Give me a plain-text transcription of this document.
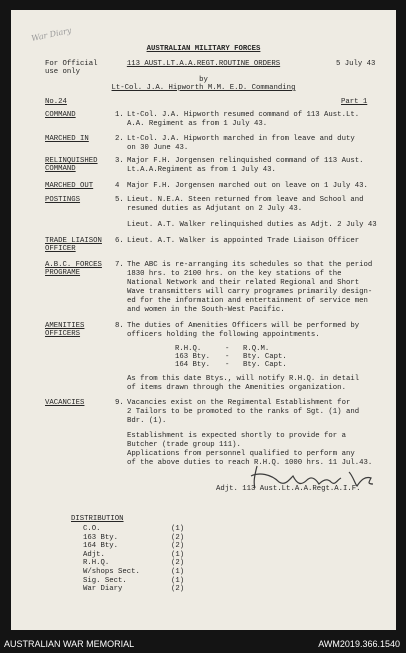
War Diary
AUSTRALIAN MILITARY FORCES
For Official
use only
113 AUST.LT.A.A.REGT.ROUTINE ORDERS	5 July 43
by
Lt-Col. J.A. Hipworth M.M. E.D. Commanding
No.24	Part 1
COMMAND	1. Lt-Col. J.A. Hipworth resumed command of 113 Aust.Lt.
A.A. Regiment as from 1 July 43.
MARCHED IN	2. Lt-Col. J.A. Hipworth marched in from leave and duty
on 30 June 43.
RELINQUISHED
COMMAND
3. Major F.H. Jorgensen relinquished command of 113 Aust.
Lt.A.A.Regiment as from 1 July 43.
MARCHED OUT	4 Major F.H. Jorgensen marched out on leave on 1 July 43.
POSTINGS	5. Lieut. N.E.A. Steen returned from leave and School and
resumed duties as Adjutant on 2 July 43.
Lieut. A.T. Walker relinquished duties as Adjt. 2 July 43
TRADE LIAISON
OFFICER
6. Lieut. A.T. Walker is appointed Trade Liaison Officer
A.B.C. FORCES
PROGRAME
7. The ABC is re-arranging its schedules so that the period
1830 hrs. to 2100 hrs. on the key stations of the
National Network and their related Regional and Short
Wave transmitters will carry programes primarily design-
ed for the information and entertainment of service men
and women in the South-West Pacific.
AMENITIES
OFFICERS
8. The duties of Amenities Officers will be performed by
officers holding the following appointments.
R.H.Q.	- R.Q.M.
163 Bty. - Bty. Capt.
164 Bty. - Bty. Capt.
As from this date Btys., will notify R.H.Q. in detail
of items drawn through the Amenities organization.
VACANCIES	9. Vacancies exist on the Regimental Establishment for
2 Tailors to be promoted to the ranks of Sgt. (1) and
Bdr. (1).
Establishment is expected shortly to provide for a
Butcher (trade group 111).
Applications from personnel qualified to perform any
of the above duties to reach R.H.Q. 1000 hrs. 11 Jul.43.
Adjt. 113 Aust.Lt.A.A.Regt.A.I.F.
DISTRIBUTION
C.O.	(1)
163 Bty.	(2)
164 Bty.	(2)
Adjt.	(1)
R.H.Q.	(2)
W/shops Sect.	(1)
Sig. Sect.	(1)
War Diary	(2)
AUSTRALIAN WAR MEMORIAL	AWM2019.366.1540
